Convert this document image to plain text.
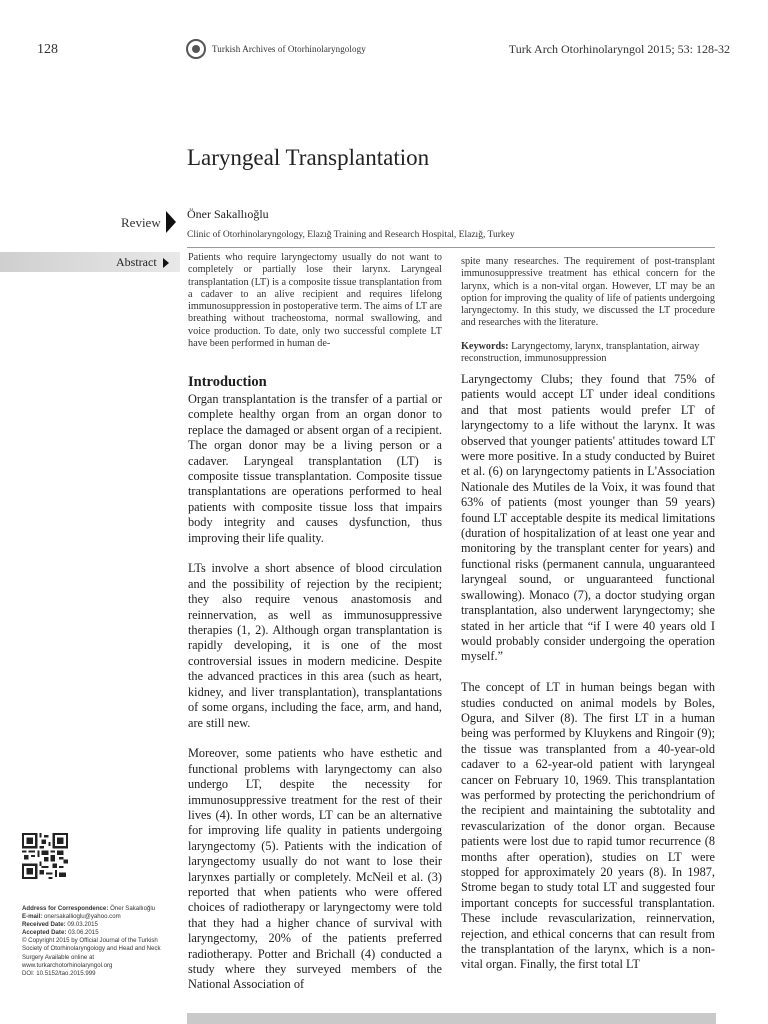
128	Turkish Archives of Otorhinolaryngology	Turk Arch Otorhinolaryngol 2015; 53: 128-32
Laryngeal Transplantation
Review
Öner Sakallıoğlu
Clinic of Otorhinolaryngology, Elazığ Training and Research Hospital, Elazığ, Turkey
Abstract	Patients who require laryngectomy usually do not want to completely or partially lose their larynx. Laryngeal transplantation (LT) is a composite tissue transplantation from a cadaver to an alive recipient and requires lifelong immunosuppression in postoperative term. The aims of LT are breathing without tracheostoma, normal swallowing, and voice production. To date, only two successful complete LT have been performed in human de-
spite many researches. The requirement of post-transplant immunosuppressive treatment has ethical concern for the larynx, which is a non-vital organ. However, LT may be an option for improving the quality of life of patients undergoing laryngectomy. In this study, we discussed the LT procedure and researches with the literature.
Keywords: Laryngectomy, larynx, transplantation, airway reconstruction, immunosuppression
Introduction

Organ transplantation is the transfer of a partial or complete healthy organ from an organ donor to replace the damaged or absent organ of a recipient. The organ donor may be a living person or a cadaver. Laryngeal transplantation (LT) is composite tissue transplantation. Composite tissue transplantations are operations performed to heal patients with composite tissue loss that impairs body integrity and causes dysfunction, thus improving their life quality.

LTs involve a short absence of blood circulation and the possibility of rejection by the recipient; they also require venous anastomosis and reinnervation, as well as immunosuppressive therapies (1, 2). Although organ transplantation is rapidly developing, it is one of the most controversial issues in modern medicine. Despite the advanced practices in this area (such as heart, kidney, and liver transplantation), transplantations of some organs, including the face, arm, and hand, are still new.

Moreover, some patients who have esthetic and functional problems with laryngectomy can also undergo LT, despite the necessity for immunosuppressive treatment for the rest of their lives (4). In other words, LT can be an alternative for improving life quality in patients undergoing laryngectomy (5). Patients with the indication of laryngectomy usually do not want to lose their larynxes partially or completely. McNeil et al. (3) reported that when patients who were offered choices of radiotherapy or laryngectomy were told that they had a higher chance of survival with laryngectomy, 20% of the patients preferred radiotherapy. Potter and Brichall (4) conducted a study where they surveyed members of the National Association of

Laryngectomy Clubs; they found that 75% of patients would accept LT under ideal conditions and that most patients would prefer LT of laryngectomy to a life without the larynx. It was observed that younger patients' attitudes toward LT were more positive. In a study conducted by Buiret et al. (6) on laryngectomy patients in L'Association Nationale des Mutiles de la Voix, it was found that 63% of patients (most younger than 59 years) found LT acceptable despite its medical limitations (duration of hospitalization of at least one year and monitoring by the transplant center for years) and functional risks (permanent cannula, unguaranteed laryngeal sound, or unguaranteed functional swallowing). Monaco (7), a doctor studying organ transplantation, also underwent laryngectomy; she stated in her article that “if I were 40 years old I would probably consider undergoing the operation myself.”

The concept of LT in human beings began with studies conducted on animal models by Boles, Ogura, and Silver (8). The first LT in a human being was performed by Kluykens and Ringoir (9); the tissue was transplanted from a 40-year-old cadaver to a 62-year-old patient with laryngeal cancer on February 10, 1969. This transplantation was performed by protecting the perichondrium of the recipient and maintaining the subtotality and revascularization of the donor organ. Because patients were lost due to rapid tumor recurrence (8 months after operation), studies on LT were stopped for approximately 20 years (8). In 1987, Strome began to study total LT and suggested four important concepts for successful transplantation. These include revascularization, reinnervation, rejection, and ethical concerns that can result from the transplantation of the larynx, which is a non-vital organ. Finally, the first total LT

Address for Correspondence: Öner Sakallıoğlu
E-mail: onersakallioglu@yahoo.com
Received Date: 09.03.2015
Accepted Date: 03.06.2015
© Copyright 2015 by Official Journal of the Turkish Society of Otorhinolaryngology and Head and Neck Surgery Available online at www.turkarchotorhinolaryngol.org
DOI: 10.5152/tao.2015.999
